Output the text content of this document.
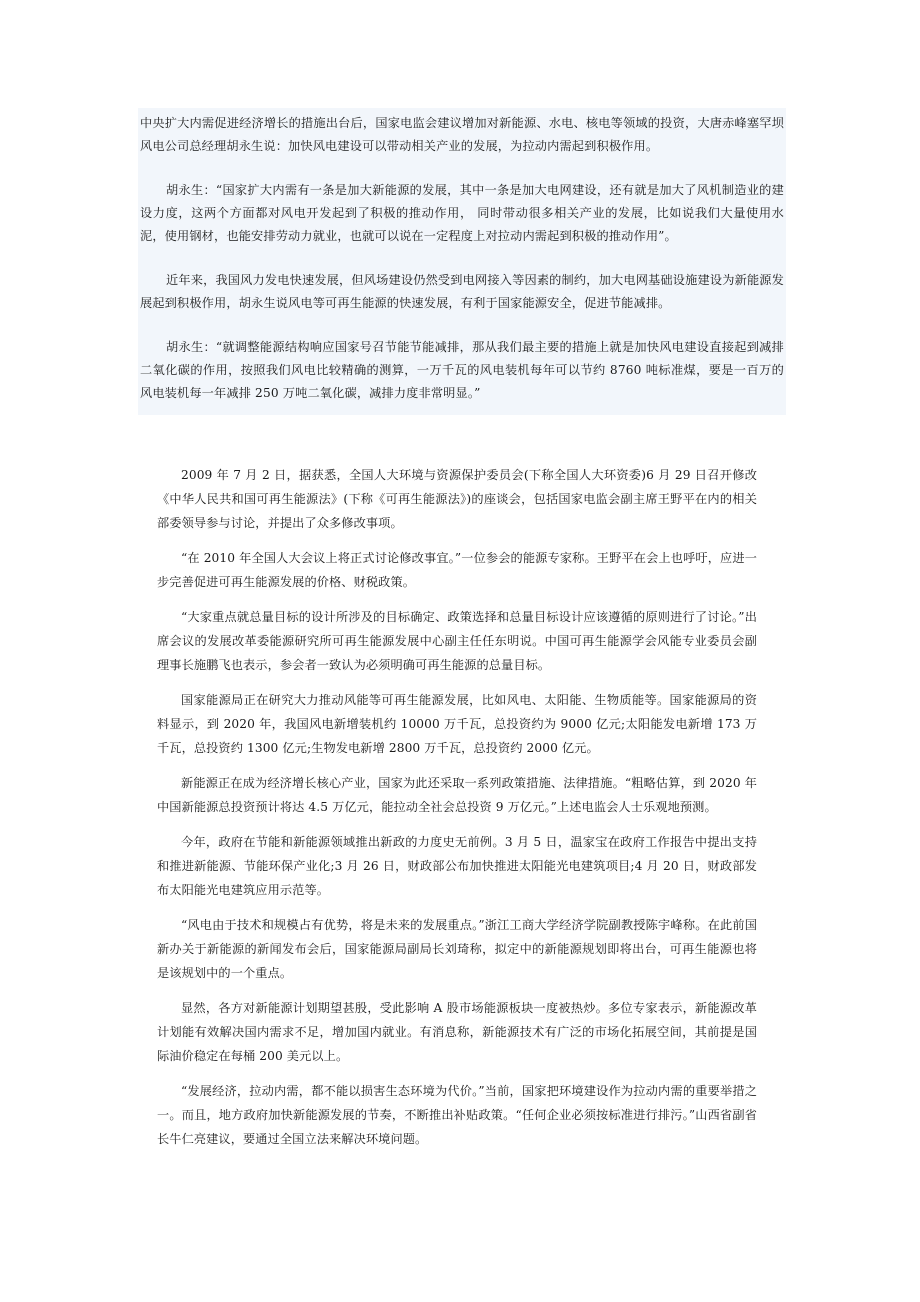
中央扩大内需促进经济增长的措施出台后，国家电监会建议增加对新能源、水电、核电等领域的投资，大唐赤峰塞罕坝风电公司总经理胡永生说：加快风电建设可以带动相关产业的发展，为拉动内需起到积极作用。

胡永生：“国家扩大内需有一条是加大新能源的发展，其中一条是加大电网建设，还有就是加大了风机制造业的建设力度，这两个方面都对风电开发起到了积极的推动作用， 同时带动很多相关产业的发展，比如说我们大量使用水泥，使用钢材，也能安排劳动力就业，也就可以说在一定程度上对拉动内需起到积极的推动作用”。

近年来，我国风力发电快速发展，但风场建设仍然受到电网接入等因素的制约，加大电网基础设施建设为新能源发展起到积极作用，胡永生说风电等可再生能源的快速发展，有利于国家能源安全，促进节能减排。

胡永生：“就调整能源结构响应国家号召节能节能减排，那从我们最主要的措施上就是加快风电建设直接起到减排二氧化碳的作用，按照我们风电比较精确的测算，一万千瓦的风电装机每年可以节约 8760 吨标准煤，要是一百万的风电装机每一年减排 250 万吨二氧化碳，减排力度非常明显。”

2009 年 7 月 2 日，据获悉，全国人大环境与资源保护委员会(下称全国人大环资委)6 月 29 日召开修改《中华人民共和国可再生能源法》(下称《可再生能源法》)的座谈会，包括国家电监会副主席王野平在内的相关部委领导参与讨论，并提出了众多修改事项。

“在 2010 年全国人大会议上将正式讨论修改事宜。”一位参会的能源专家称。王野平在会上也呼吁，应进一步完善促进可再生能源发展的价格、财税政策。

“大家重点就总量目标的设计所涉及的目标确定、政策选择和总量目标设计应该遵循的原则进行了讨论。”出席会议的发展改革委能源研究所可再生能源发展中心副主任任东明说。中国可再生能源学会风能专业委员会副理事长施鹏飞也表示，参会者一致认为必须明确可再生能源的总量目标。

国家能源局正在研究大力推动风能等可再生能源发展，比如风电、太阳能、生物质能等。国家能源局的资料显示，到 2020 年，我国风电新增装机约 10000 万千瓦，总投资约为 9000 亿元;太阳能发电新增 173 万千瓦，总投资约 1300 亿元;生物发电新增 2800 万千瓦，总投资约 2000 亿元。

新能源正在成为经济增长核心产业，国家为此还采取一系列政策措施、法律措施。“粗略估算，到 2020 年中国新能源总投资预计将达 4.5 万亿元，能拉动全社会总投资 9 万亿元。”上述电监会人士乐观地预测。

今年，政府在节能和新能源领域推出新政的力度史无前例。3 月 5 日，温家宝在政府工作报告中提出支持和推进新能源、节能环保产业化;3 月 26 日，财政部公布加快推进太阳能光电建筑项目;4 月 20 日，财政部发布太阳能光电建筑应用示范等。

“风电由于技术和规模占有优势，将是未来的发展重点。”浙江工商大学经济学院副教授陈宇峰称。在此前国新办关于新能源的新闻发布会后，国家能源局副局长刘琦称，拟定中的新能源规划即将出台，可再生能源也将是该规划中的一个重点。

显然，各方对新能源计划期望甚殷，受此影响 A 股市场能源板块一度被热炒。多位专家表示，新能源改革计划能有效解决国内需求不足，增加国内就业。有消息称，新能源技术有广泛的市场化拓展空间，其前提是国际油价稳定在每桶 200 美元以上。

“发展经济，拉动内需，都不能以损害生态环境为代价。”当前，国家把环境建设作为拉动内需的重要举措之一。而且，地方政府加快新能源发展的节奏，不断推出补贴政策。“任何企业必须按标准进行排污。”山西省副省长牛仁亮建议，要通过全国立法来解决环境问题。
